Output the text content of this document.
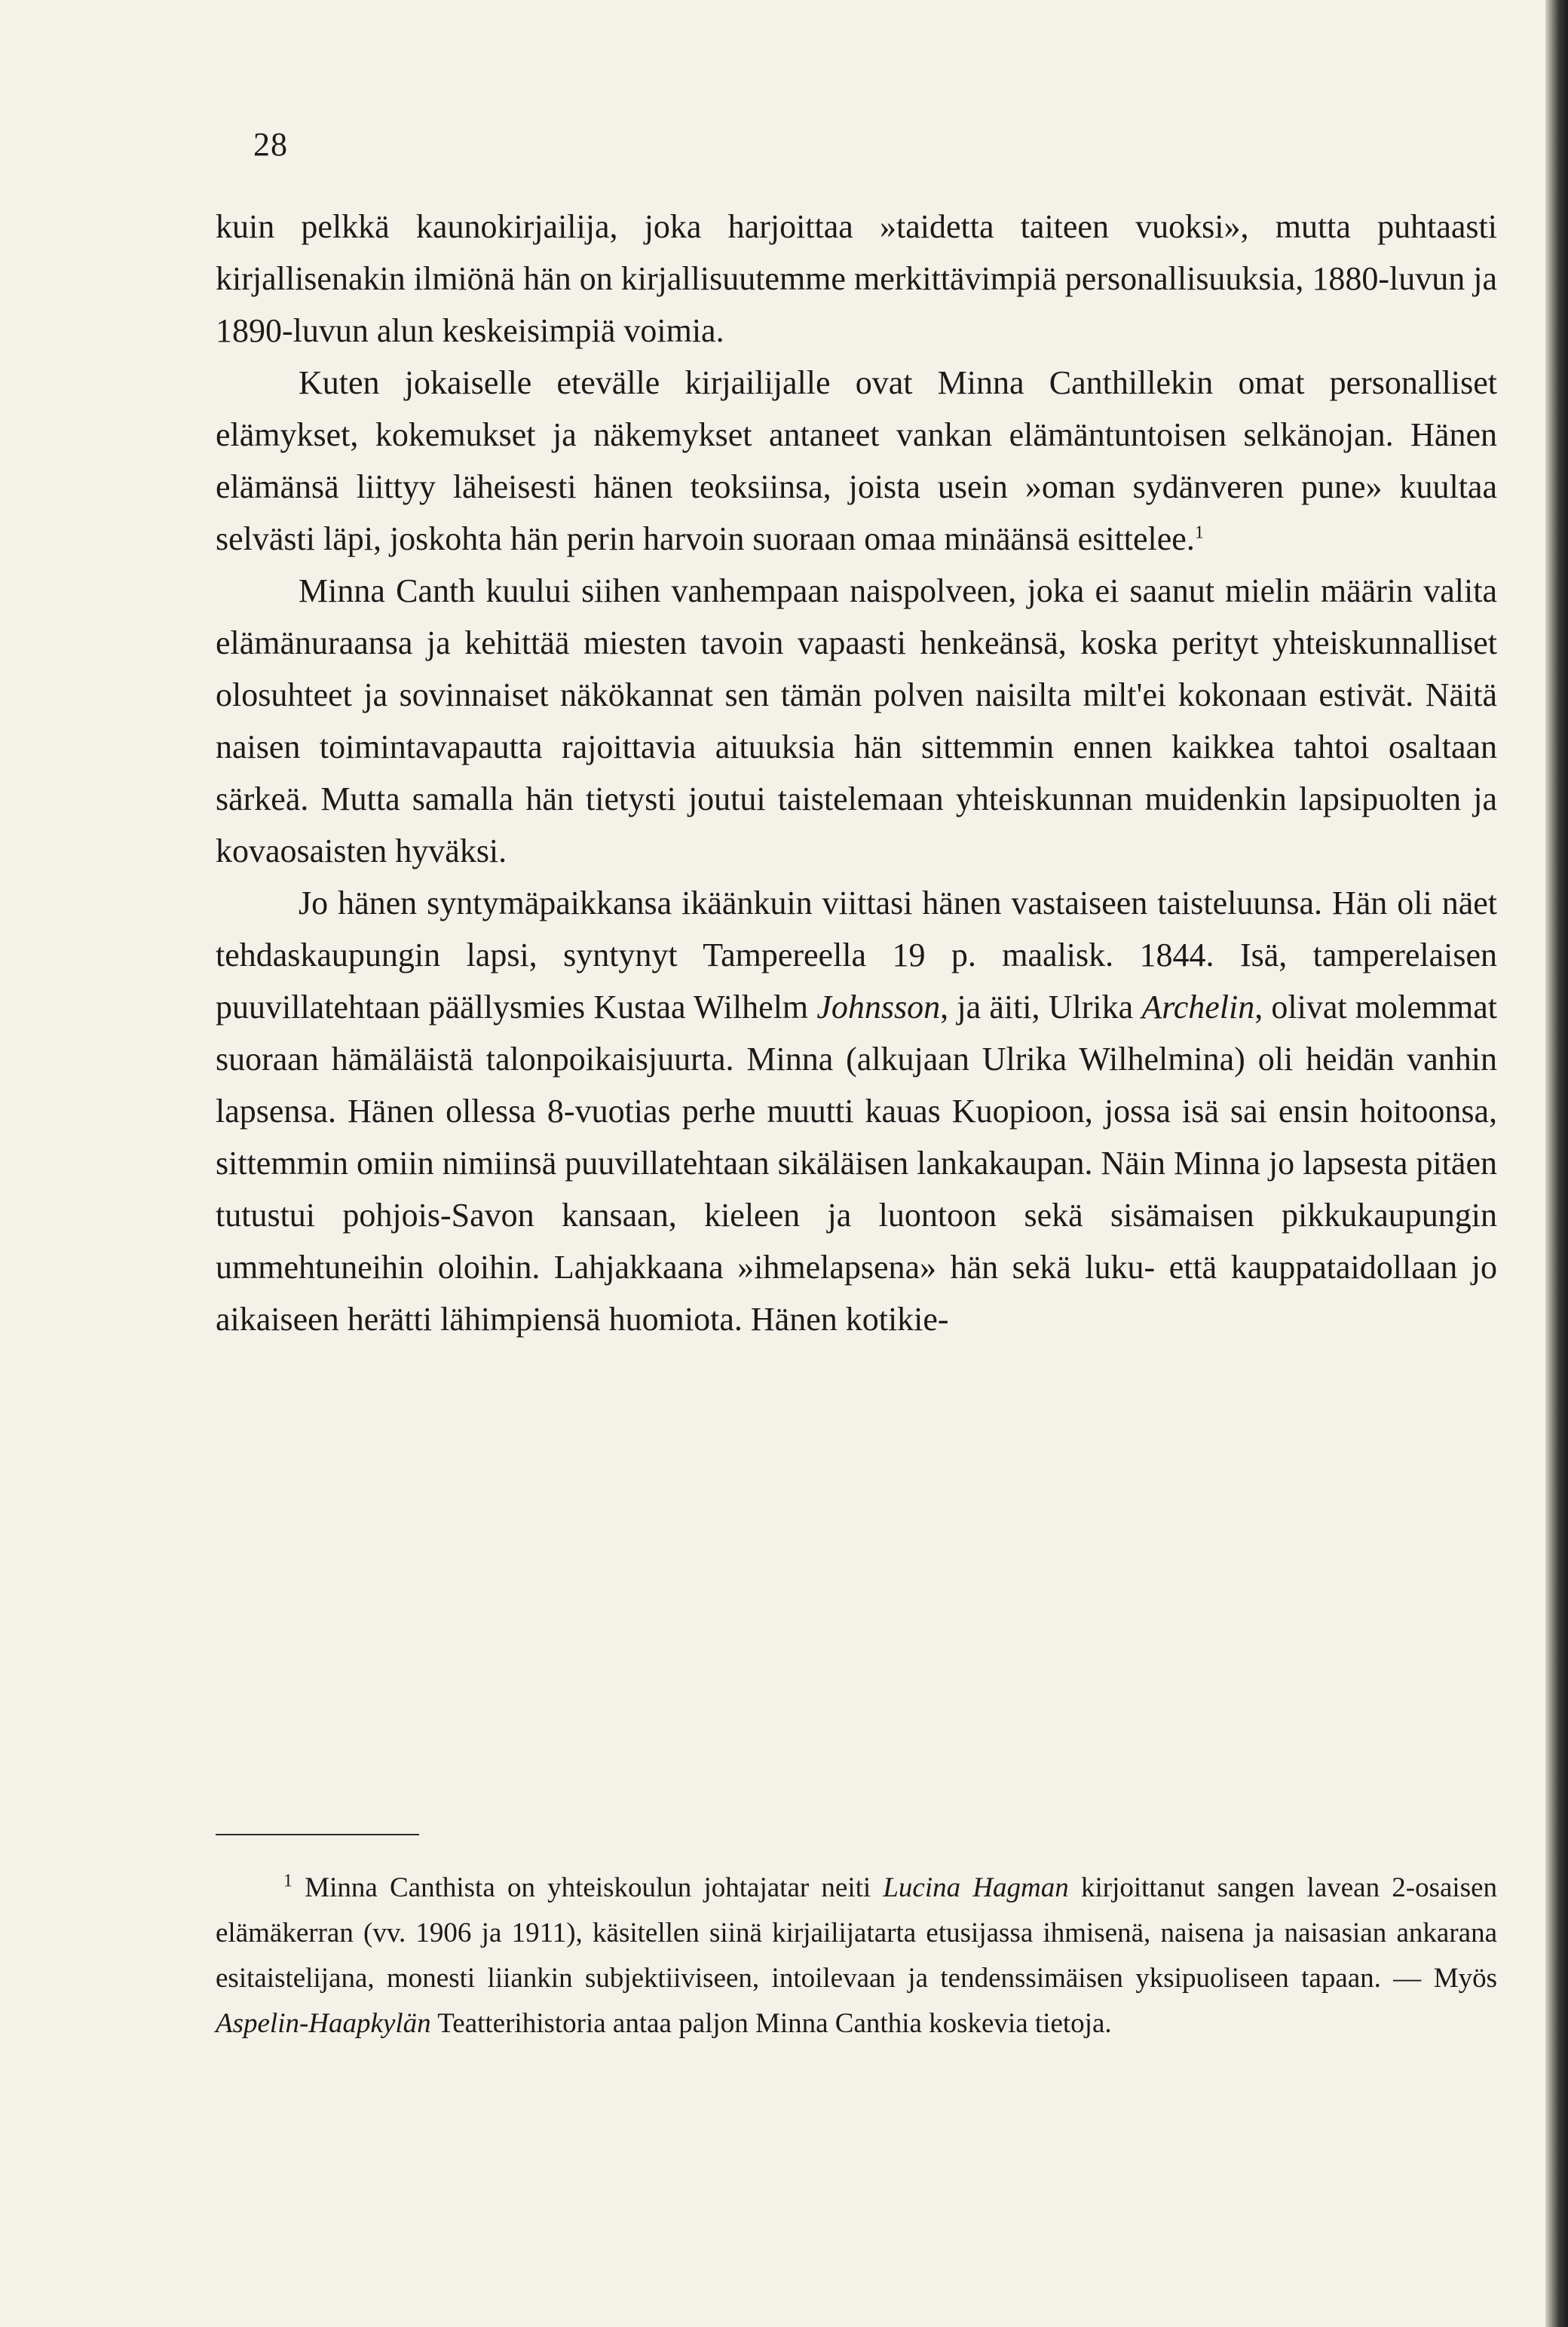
28

kuin pelkkä kaunokirjailija, joka harjoittaa »taidetta taiteen vuoksi», mutta puhtaasti kirjallisenakin ilmiönä hän on kirjallisuutemme merkittävimpiä personallisuuksia, 1880-luvun ja 1890-luvun alun keskeisimpiä voimia.

Kuten jokaiselle etevälle kirjailijalle ovat Minna Canthillekin omat personalliset elämykset, kokemukset ja näkemykset antaneet vankan elämäntuntoisen selkänojan. Hänen elämänsä liittyy läheisesti hänen teoksiinsa, joista usein »oman sydänveren pune» kuultaa selvästi läpi, joskohta hän perin harvoin suoraan omaa minäänsä esittelee.$^1$

Minna Canth kuului siihen vanhempaan naispolveen, joka ei saanut mielin määrin valita elämänuraansa ja kehittää miesten tavoin vapaasti henkeänsä, koska perityt yhteiskunnalliset olosuhteet ja sovinnaiset näkökannat sen tämän polven naisilta milt'ei kokonaan estivät. Näitä naisen toimintavapautta rajoittavia aituuksia hän sittemmin ennen kaikkea tahtoi osaltaan särkeä. Mutta samalla hän tietysti joutui taistelemaan yhteiskunnan muidenkin lapsipuolten ja kovaosaisten hyväksi.

Jo hänen syntymäpaikkansa ikäänkuin viittasi hänen vastaiseen taisteluunsa. Hän oli näet tehdaskaupungin lapsi, syntynyt Tampereella 19 p. maalisk. 1844. Isä, tamperelaisen puuvillatehtaan päällysmies Kustaa Wilhelm Johnsson, ja äiti, Ulrika Archelin, olivat molemmat suoraan hämäläistä talonpoikaisjuurta. Minna (alkujaan Ulrika Wilhelmina) oli heidän vanhin lapsensa. Hänen ollessa 8-vuotias perhe muutti kauas Kuopioon, jossa isä sai ensin hoitoonsa, sittemmin omiin nimiinsä puuvillatehtaan sikäläisen lankakaupan. Näin Minna jo lapsesta pitäen tutustui pohjois-Savon kansaan, kieleen ja luontoon sekä sisämaisen pikkukaupungin ummehtuneihin oloihin. Lahjakkaana »ihmelapsena» hän sekä luku- että kauppataidollaan jo aikaiseen herätti lähimpiensä huomiota. Hänen kotikie-

$^1$ Minna Canthista on yhteiskoulun johtajatar neiti Lucina Hagman kirjoittanut sangen lavean 2-osaisen elämäkerran (vv. 1906 ja 1911), käsitellen siinä kirjailijatarta etusijassa ihmisenä, naisena ja naisasian ankarana esitaistelijana, monesti liiankin subjektiiviseen, intoilevaan ja tendenssimäisen yksipuoliseen tapaan. — Myös Aspelin-Haapkylän Teatterihistoria antaa paljon Minna Canthia koskevia tietoja.
